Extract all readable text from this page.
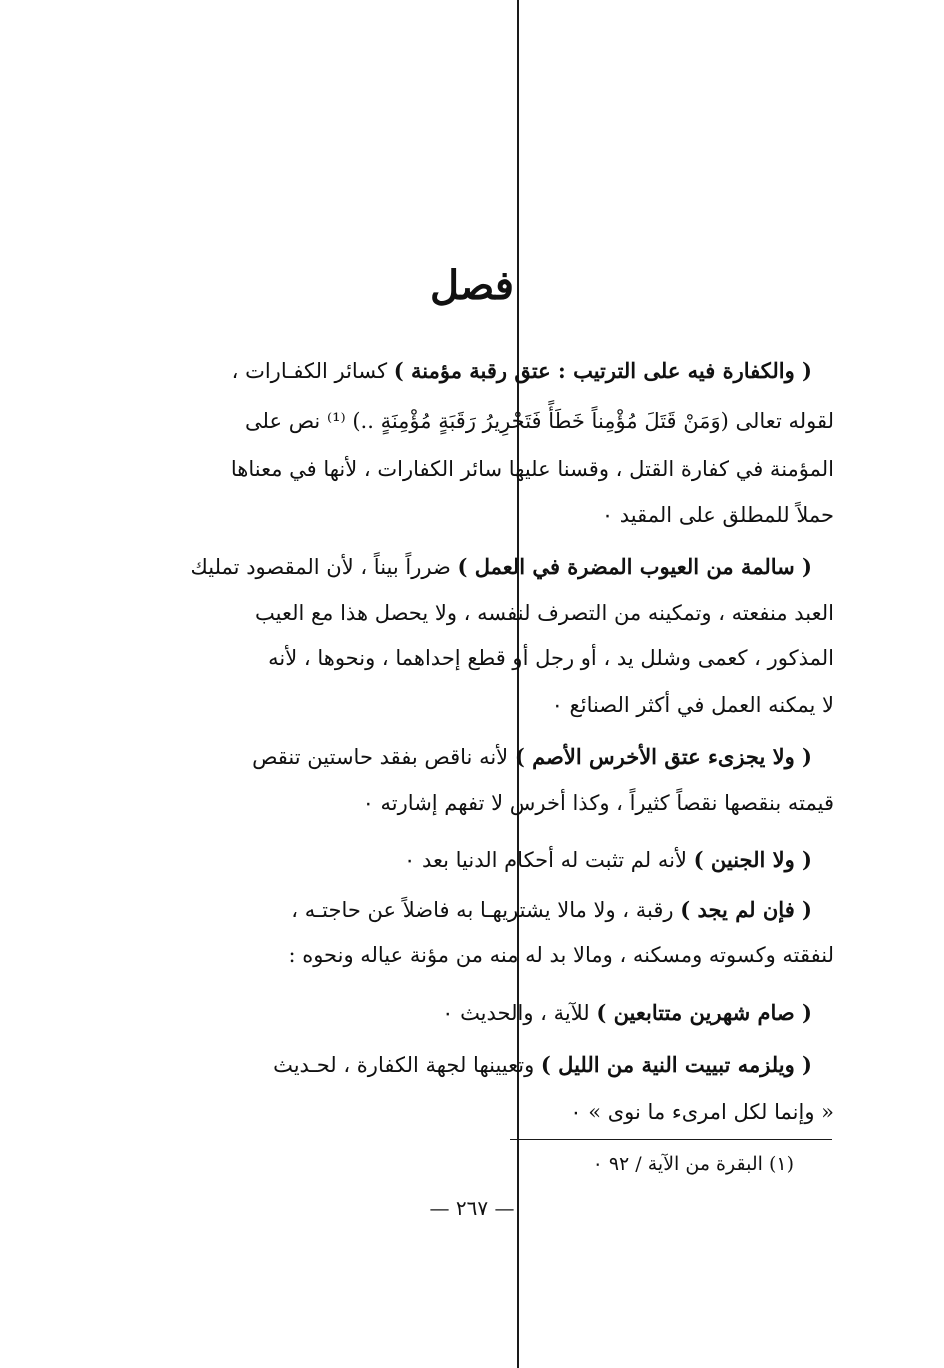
فصل
( والكفارة فيه على الترتيب : عتق رقبة مؤمنة ) كسائر الكفـارات ،
لقوله تعالى (وَمَنْ قَتَلَ مُؤْمِناً خَطَأً فَتَحْرِيرُ رَقَبَةٍ مُؤْمِنَةٍ ..) ⁽¹⁾ نص على
المؤمنة في كفارة القتل ، وقسنا عليها سائر الكفارات ، لأنها في معناها
حملاً للمطلق على المقيد ٠
( سالمة من العيوب المضرة في العمل ) ضرراً بيناً ، لأن المقصود تمليك
العبد منفعته ، وتمكينه من التصرف لنفسه ، ولا يحصل هذا مع العيب
المذكور ، كعمى وشلل يد ، أو رجل أو قطع إحداهما ، ونحوها ، لأنه
لا يمكنه العمل في أكثر الصنائع ٠
( ولا يجزىء عتق الأخرس الأصم ) لأنه ناقص بفقد حاستين تنقص
قيمته بنقصها نقصاً كثيراً ، وكذا أخرس لا تفهم إشارته ٠
( ولا الجنين ) لأنه لم تثبت له أحكام الدنيا بعد ٠
( فإن لم يجد ) رقبة ، ولا مالا يشتريهـا به فاضلاً عن حاجتـه ،
لنفقته وكسوته ومسكنه ، ومالا بد له منه من مؤنة عياله ونحوه :
( صام شهرين متتابعين ) للآية ، والحديث ٠
( ويلزمه تبييت النية من الليل ) وتعيينها لجهة الكفارة ، لحـديث
« وإنما لكل امرىء ما نوى » ٠
(١) البقرة من الآية / ٩٢ ٠
— ٢٦٧ —
